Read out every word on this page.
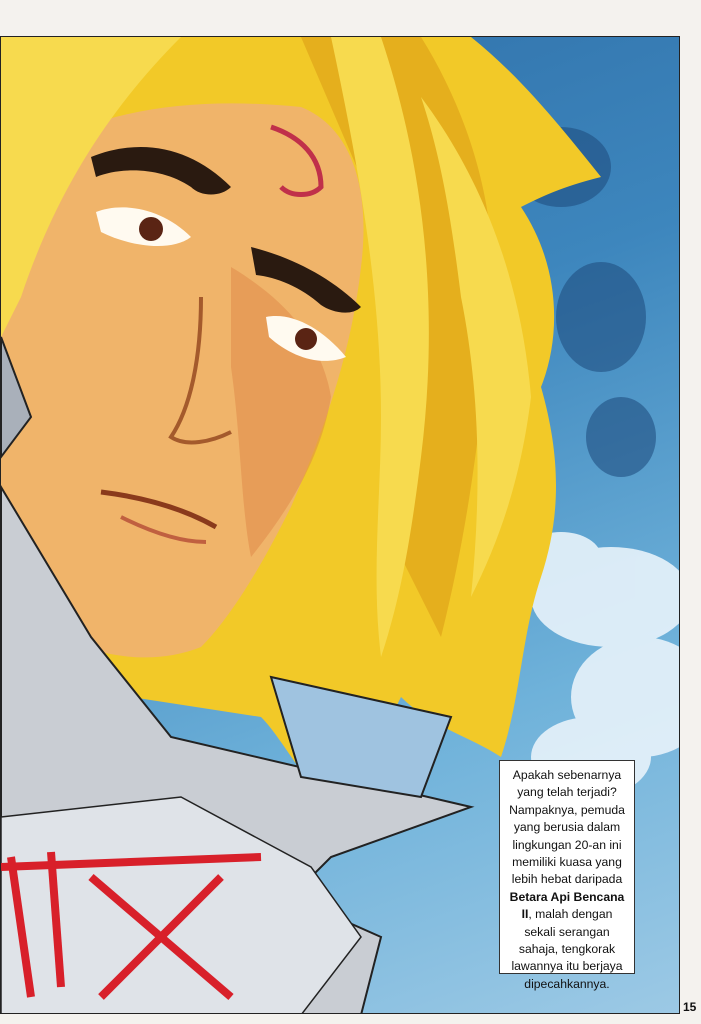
Apakah sebenarnya yang telah terjadi? Nampaknya, pemuda yang berusia dalam lingkungan 20-an ini memiliki kuasa yang lebih hebat daripada Betara Api Bencana II, malah dengan sekali serangan sahaja, tengkorak lawannya itu berjaya dipecahkannya.
15
